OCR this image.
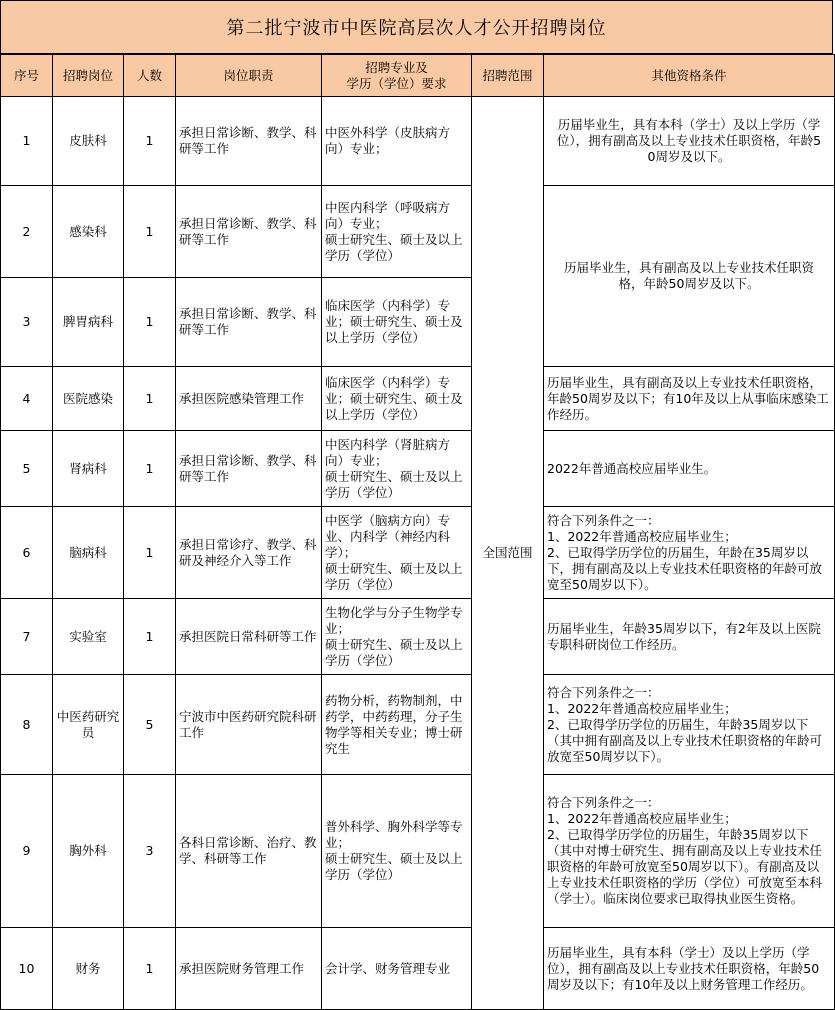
第二批宁波市中医院高层次人才公开招聘岗位
序号	招聘岗位	人数	岗位职责	招聘专业及
学历（学位）要求	招聘范围	其他资格条件
1	皮肤科	1	承担日常诊断、教学、科研等工作	中医外科学（皮肤病方向）专业；	全国范围	历届毕业生，具有本科（学士）及以上学历（学位），拥有副高及以上专业技术任职资格，年龄50周岁及以下。
2	感染科	1	承担日常诊断、教学、科研等工作	中医内科学（呼吸病方向）专业；
硕士研究生、硕士及以上学历（学位）		历届毕业生，具有副高及以上专业技术任职资格，年龄50周岁及以下。
3	脾胃病科	1	承担日常诊断、教学、科研等工作	临床医学（内科学）专业；硕士研究生、硕士及以上学历（学位）		
4	医院感染	1	承担医院感染管理工作	临床医学（内科学）专业；硕士研究生、硕士及以上学历（学位）		历届毕业生，具有副高及以上专业技术任职资格，年龄50周岁及以下；有10年及以上从事临床感染工作经历。
5	肾病科	1	承担日常诊断、教学、科研等工作	中医内科学（肾脏病方向）专业；
硕士研究生、硕士及以上学历（学位）		2022年普通高校应届毕业生。
6	脑病科	1	承担日常诊疗、教学、科研及神经介入等工作	中医学（脑病方向）专业、内科学（神经内科学）；
硕士研究生、硕士及以上学历（学位）		符合下列条件之一：
1、2022年普通高校应届毕业生；
2、已取得学历学位的历届生，年龄在35周岁以下，拥有副高及以上专业技术任职资格的年龄可放宽至50周岁以下）。
7	实验室	1	承担医院日常科研等工作	生物化学与分子生物学专业；
硕士研究生、硕士及以上学历（学位）		历届毕业生，年龄35周岁以下，有2年及以上医院专职科研岗位工作经历。
8	中医药研究员	5	宁波市中医药研究院科研工作	药物分析，药物制剂，中药学，中药药理，分子生物学等相关专业；博士研究生		符合下列条件之一：
1、2022年普通高校应届毕业生；
2、已取得学历学位的历届生，年龄35周岁以下（其中拥有副高及以上专业技术任职资格的年龄可放宽至50周岁以下）。
9	胸外科	3	各科日常诊断、治疗、教学、科研等工作	普外科学、胸外科学等专业；
硕士研究生、硕士及以上学历（学位）		符合下列条件之一：
1、2022年普通高校应届毕业生；
2、已取得学历学位的历届生，年龄35周岁以下（其中对博士研究生、拥有副高及以上专业技术任职资格的年龄可放宽至50周岁以下）。有副高及以上专业技术任职资格的学历（学位）可放宽至本科（学士）。临床岗位要求已取得执业医生资格。
10	财务	1	承担医院财务管理工作	会计学、财务管理专业		历届毕业生，具有本科（学士）及以上学历（学位），拥有副高及以上专业技术任职资格，年龄50周岁及以下；有10年及以上财务管理工作经历。
